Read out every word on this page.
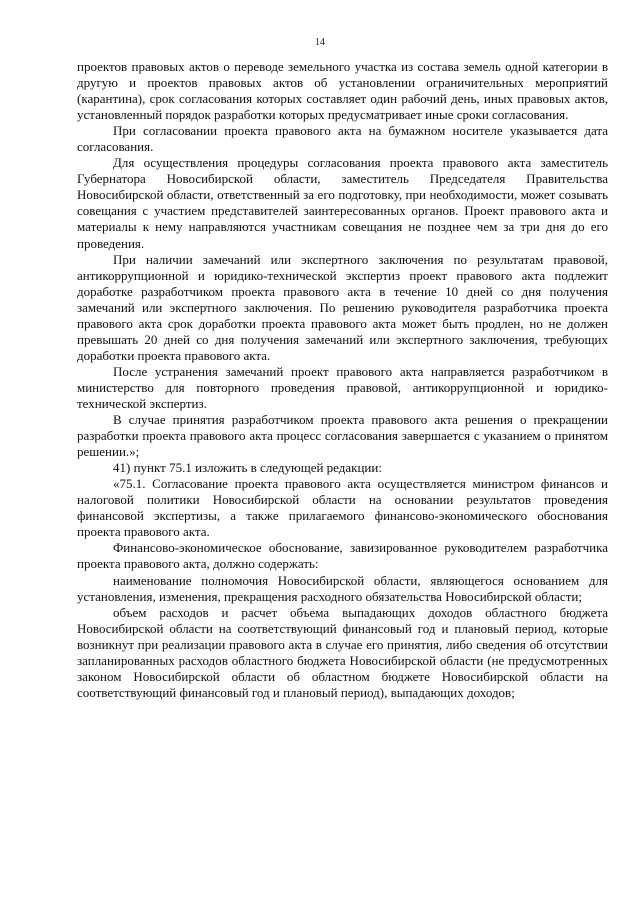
14

проектов правовых актов о переводе земельного участка из состава земель одной категории в другую и проектов правовых актов об установлении ограничительных мероприятий (карантина), срок согласования которых составляет один рабочий день, иных правовых актов, установленный порядок разработки которых предусматривает иные сроки согласования.

При согласовании проекта правового акта на бумажном носителе указывается дата согласования.

Для осуществления процедуры согласования проекта правового акта заместитель Губернатора Новосибирской области, заместитель Председателя Правительства Новосибирской области, ответственный за его подготовку, при необходимости, может созывать совещания с участием представителей заинтересованных органов. Проект правового акта и материалы к нему направляются участникам совещания не позднее чем за три дня до его проведения.

При наличии замечаний или экспертного заключения по результатам правовой, антикоррупционной и юридико-технической экспертиз проект правового акта подлежит доработке разработчиком проекта правового акта в течение 10 дней со дня получения замечаний или экспертного заключения. По решению руководителя разработчика проекта правового акта срок доработки проекта правового акта может быть продлен, но не должен превышать 20 дней со дня получения замечаний или экспертного заключения, требующих доработки проекта правового акта.

После устранения замечаний проект правового акта направляется разработчиком в министерство для повторного проведения правовой, антикоррупционной и юридико-технической экспертиз.

В случае принятия разработчиком проекта правового акта решения о прекращении разработки проекта правового акта процесс согласования завершается с указанием о принятом решении.»;

41) пункт 75.1 изложить в следующей редакции:

«75.1. Согласование проекта правового акта осуществляется министром финансов и налоговой политики Новосибирской области на основании результатов проведения финансовой экспертизы, а также прилагаемого финансово-экономического обоснования проекта правового акта.

Финансово-экономическое обоснование, завизированное руководителем разработчика проекта правового акта, должно содержать:

наименование полномочия Новосибирской области, являющегося основанием для установления, изменения, прекращения расходного обязательства Новосибирской области;

объем расходов и расчет объема выпадающих доходов областного бюджета Новосибирской области на соответствующий финансовый год и плановый период, которые возникнут при реализации правового акта в случае его принятия, либо сведения об отсутствии запланированных расходов областного бюджета Новосибирской области (не предусмотренных законом Новосибирской области об областном бюджете Новосибирской области на соответствующий финансовый год и плановый период), выпадающих доходов;
